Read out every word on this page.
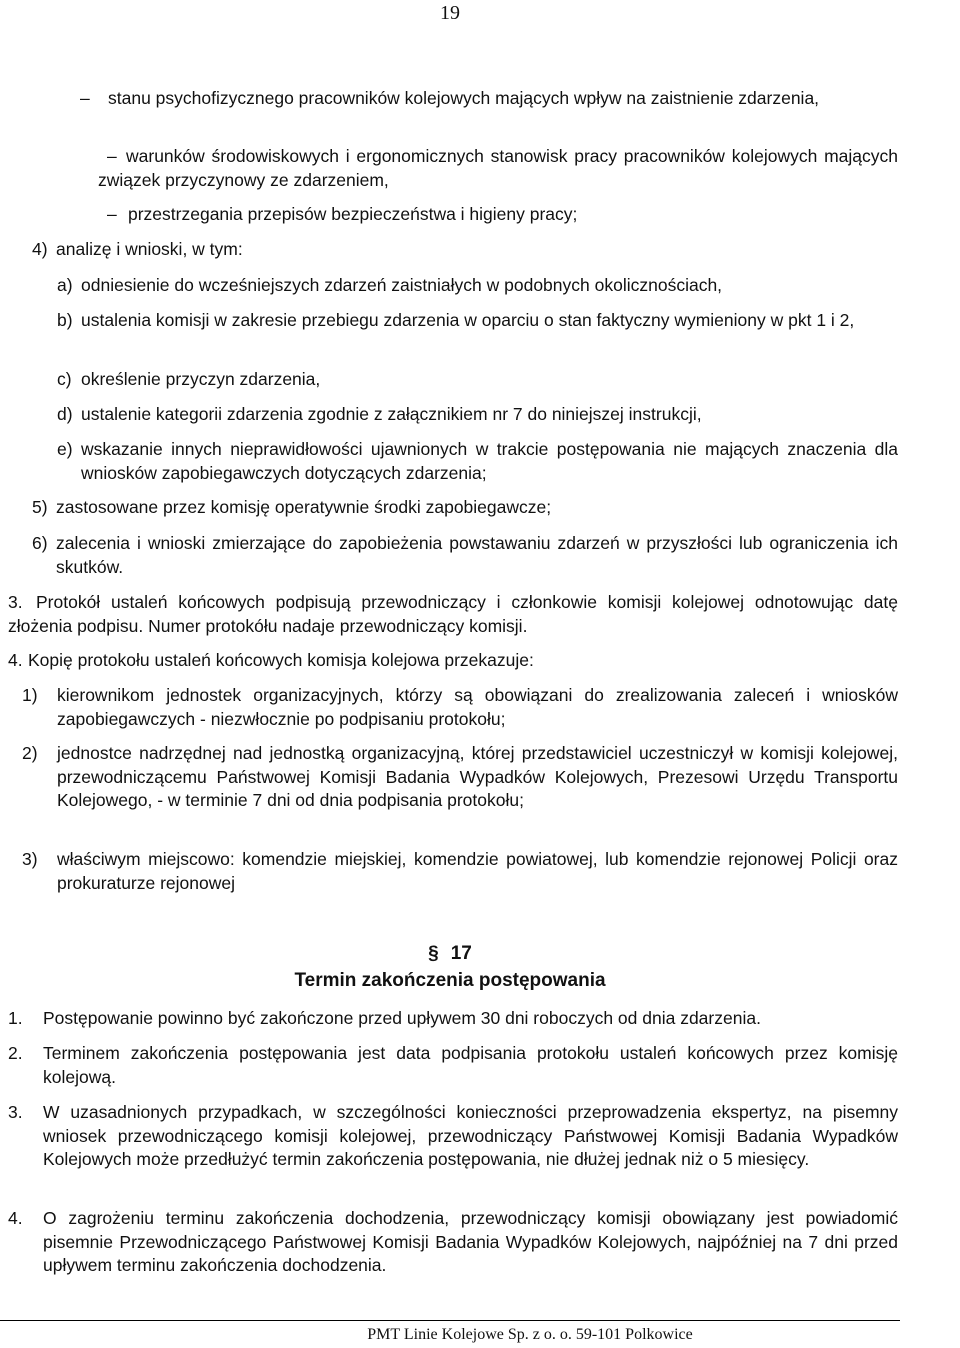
19
–	stanu psychofizycznego pracowników kolejowych mających wpływ na zaistnienie zdarzenia,
– warunków środowiskowych i ergonomicznych stanowisk pracy pracowników kolejowych mających związek przyczynowy ze zdarzeniem,
– przestrzegania przepisów bezpieczeństwa i higieny pracy;
4) analizę i wnioski, w tym:
a) odniesienie do wcześniejszych zdarzeń zaistniałych w podobnych okolicznościach,
b) ustalenia komisji w zakresie przebiegu zdarzenia w oparciu o stan faktyczny wymieniony w pkt 1 i 2,
c) określenie przyczyn zdarzenia,
d) ustalenie kategorii zdarzenia zgodnie z załącznikiem nr 7 do niniejszej instrukcji,
e) wskazanie innych nieprawidłowości ujawnionych w trakcie postępowania nie mających znaczenia dla wniosków zapobiegawczych dotyczących zdarzenia;
5) zastosowane przez komisję operatywnie środki zapobiegawcze;
6) zalecenia i wnioski zmierzające do zapobieżenia powstawaniu zdarzeń w przyszłości lub ograniczenia ich skutków.
3. Protokół ustaleń końcowych podpisują przewodniczący i członkowie komisji kolejowej odnotowując datę złożenia podpisu. Numer protokółu nadaje przewodniczący komisji.
4. Kopię protokołu ustaleń końcowych komisja kolejowa przekazuje:
1)	kierownikom jednostek organizacyjnych, którzy są obowiązani do zrealizowania zaleceń i wniosków zapobiegawczych - niezwłocznie po podpisaniu protokołu;
2)	jednostce nadrzędnej nad jednostką organizacyjną, której przedstawiciel uczestniczył w komisji kolejowej, przewodniczącemu Państwowej Komisji Badania Wypadków Kolejowych, Prezesowi Urzędu Transportu Kolejowego, - w terminie 7 dni od dnia podpisania protokołu;
3)	właściwym miejscowo: komendzie miejskiej, komendzie powiatowej, lub komendzie rejonowej Policji oraz prokuraturze rejonowej
§ 17
Termin zakończenia postępowania
1.	Postępowanie powinno być zakończone przed upływem 30 dni roboczych od dnia zdarzenia.
2.	Terminem zakończenia postępowania jest data podpisania protokołu ustaleń końcowych przez komisję kolejową.
3.	W uzasadnionych przypadkach, w szczególności konieczności przeprowadzenia ekspertyz, na pisemny wniosek przewodniczącego komisji kolejowej, przewodniczący Państwowej Komisji Badania Wypadków Kolejowych może przedłużyć termin zakończenia postępowania, nie dłużej jednak niż o 5 miesięcy.
4.	O zagrożeniu terminu zakończenia dochodzenia, przewodniczący komisji obowiązany jest powiadomić pisemnie Przewodniczącego Państwowej Komisji Badania Wypadków Kolejowych, najpóźniej na 7 dni przed upływem terminu zakończenia dochodzenia.
PMT Linie Kolejowe Sp. z o. o. 59-101 Polkowice
